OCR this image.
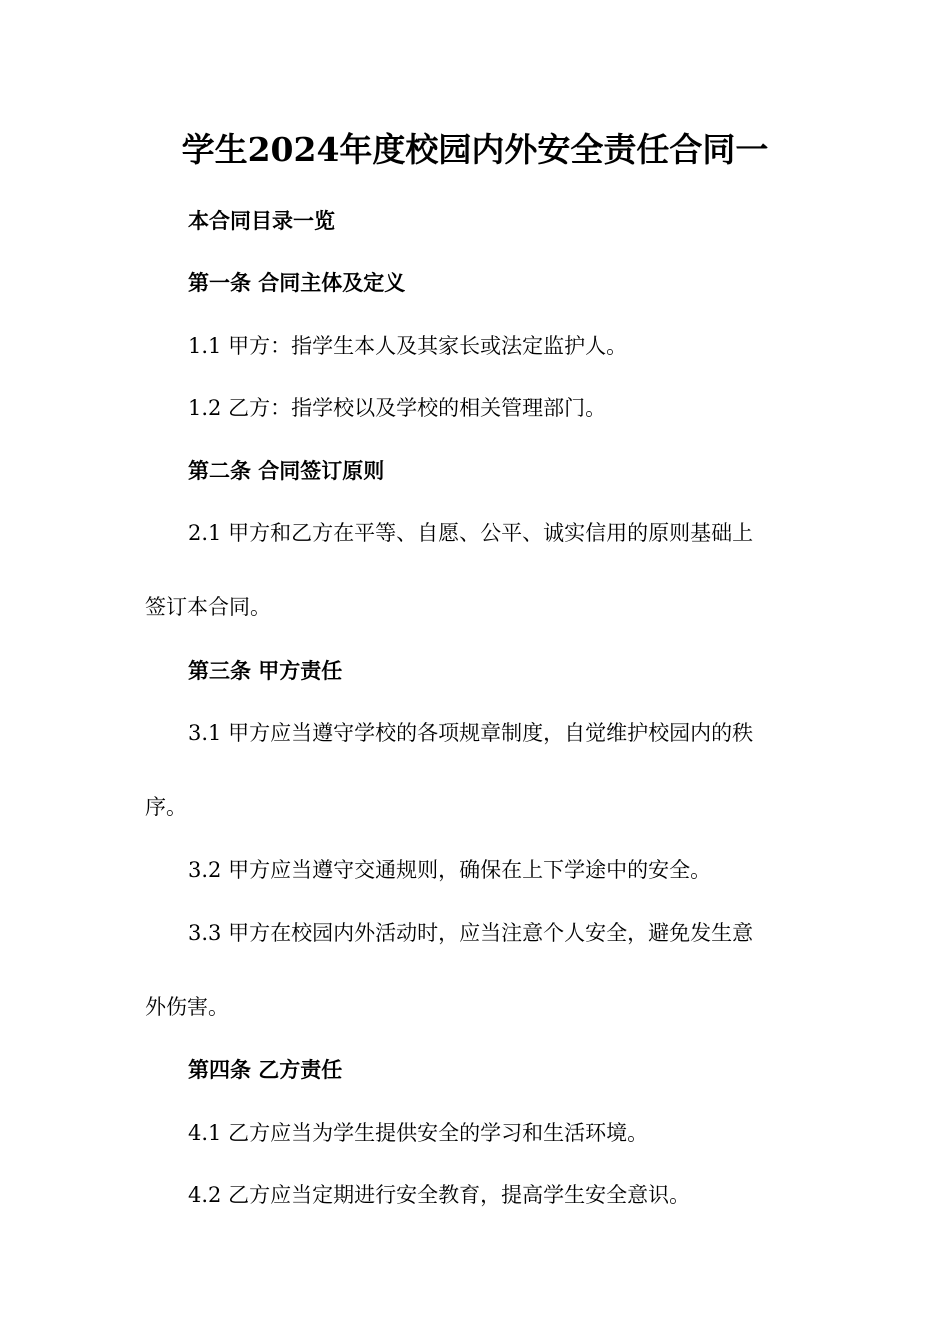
学生2024年度校园内外安全责任合同一
本合同目录一览
第一条 合同主体及定义
1.1 甲方：指学生本人及其家长或法定监护人。
1.2 乙方：指学校以及学校的相关管理部门。
第二条 合同签订原则
2.1 甲方和乙方在平等、自愿、公平、诚实信用的原则基础上
签订本合同。
第三条 甲方责任
3.1 甲方应当遵守学校的各项规章制度，自觉维护校园内的秩
序。
3.2 甲方应当遵守交通规则，确保在上下学途中的安全。
3.3 甲方在校园内外活动时，应当注意个人安全，避免发生意
外伤害。
第四条 乙方责任
4.1 乙方应当为学生提供安全的学习和生活环境。
4.2 乙方应当定期进行安全教育，提高学生安全意识。
